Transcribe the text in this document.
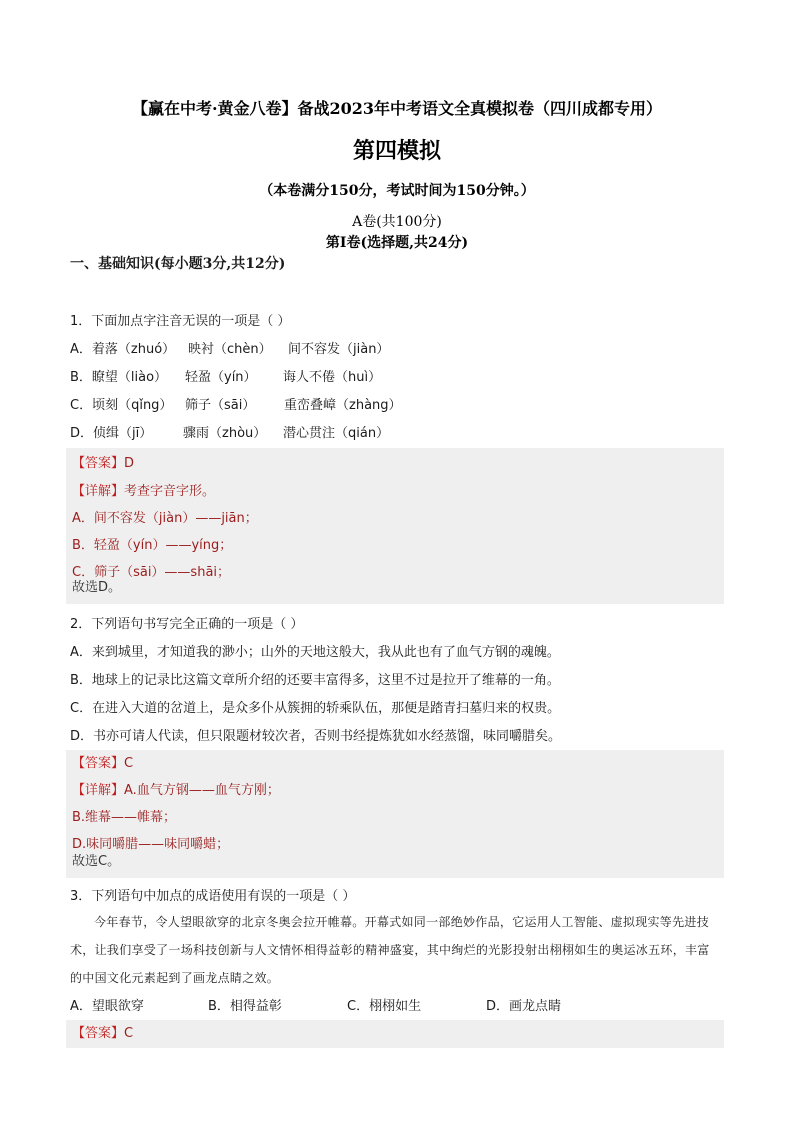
【赢在中考·黄金八卷】备战2023年中考语文全真模拟卷（四川成都专用）
第四模拟
（本卷满分150分，考试时间为150分钟。）
A卷(共100分)
第Ⅰ卷(选择题,共24分)
一、基础知识(每小题3分,共12分)
1．下面加点字注音无误的一项是（ ）
A．着落（zhuó） 映衬（chèn） 间不容发（jiàn）
B．瞭望（liào） 轻盈（yín） 诲人不倦（huì）
C．顷刻（qǐng） 筛子（sāi） 重峦叠嶂（zhàng）
D．侦缉（jī） 骤雨（zhòu） 潜心贯注（qián）
【答案】D
【详解】考查字音字形。
A．间不容发（jiàn）——jiān；
B．轻盈（yín）——yíng；
C．筛子（sāi）——shāi；
故选D。
2．下列语句书写完全正确的一项是（ ）
A．来到城里，才知道我的渺小；山外的天地这般大，我从此也有了血气方钢的魂魄。
B．地球上的记录比这篇文章所介绍的还要丰富得多，这里不过是拉开了维幕的一角。
C．在进入大道的岔道上，是众多仆从簇拥的轿乘队伍，那便是踏青扫墓归来的权贵。
D．书亦可请人代读，但只限题材较次者，否则书经提炼犹如水经蒸馏，味同嚼腊矣。
【答案】C
【详解】A.血气方钢——血气方刚；
B.维幕——帷幕；
D.味同嚼腊——味同嚼蜡；
故选C。
3．下列语句中加点的成语使用有误的一项是（ ）
今年春节，令人望眼欲穿的北京冬奥会拉开帷幕。开幕式如同一部绝妙作品，它运用人工智能、虚拟现实等先进技术，让我们享受了一场科技创新与人文情怀相得益彰的精神盛宴，其中绚烂的光影投射出栩栩如生的奥运冰五环，丰富的中国文化元素起到了画龙点睛之效。
A．望眼欲穿	B．相得益彰	C．栩栩如生	D．画龙点睛
【答案】C
